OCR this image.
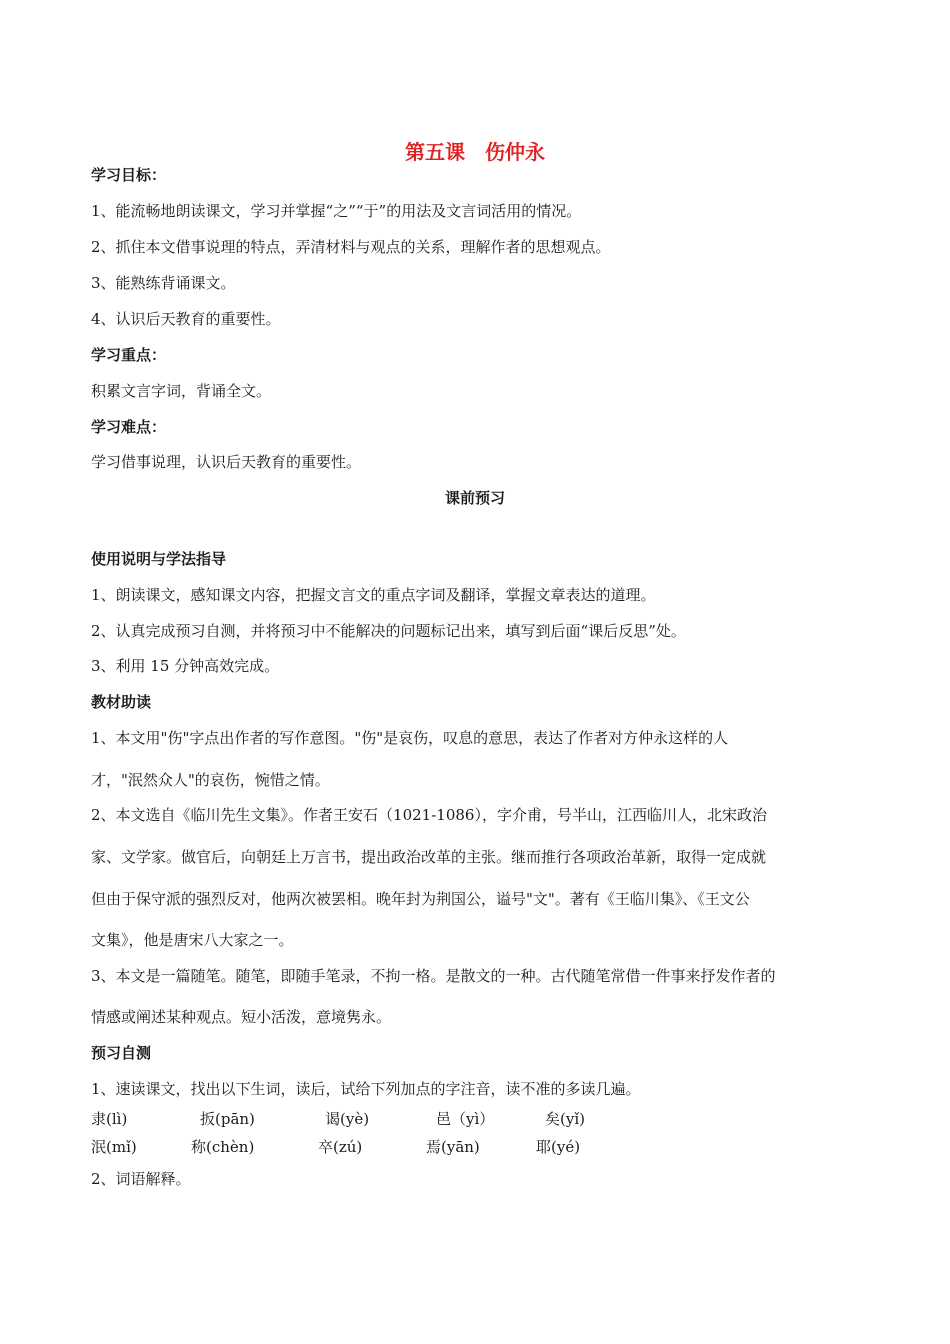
第五课　伤仲永
学习目标：
1、能流畅地朗读课文，学习并掌握“之”“于”的用法及文言词活用的情况。
2、抓住本文借事说理的特点，弄清材料与观点的关系，理解作者的思想观点。
3、能熟练背诵课文。
4、认识后天教育的重要性。
学习重点：
积累文言字词，背诵全文。
学习难点：
学习借事说理，认识后天教育的重要性。
课前预习
使用说明与学法指导
1、朗读课文，感知课文内容，把握文言文的重点字词及翻译，掌握文章表达的道理。
2、认真完成预习自测，并将预习中不能解决的问题标记出来，填写到后面“课后反思”处。
3、利用 15 分钟高效完成。
教材助读
1、本文用"伤"字点出作者的写作意图。"伤"是哀伤，叹息的意思，表达了作者对方仲永这样的人
才，"泯然众人"的哀伤，惋惜之情。
2、本文选自《临川先生文集》。作者王安石（1021-1086），字介甫，号半山，江西临川人，北宋政治
家、文学家。做官后，向朝廷上万言书，提出政治改革的主张。继而推行各项政治革新，取得一定成就
但由于保守派的强烈反对，他两次被罢相。晚年封为荆国公，谥号"文"。著有《王临川集》、《王文公
文集》，他是唐宋八大家之一。
3、本文是一篇随笔。随笔，即随手笔录，不拘一格。是散文的一种。古代随笔常借一件事来抒发作者的
情感或阐述某种观点。短小活泼，意境隽永。
预习自测
1、速读课文，找出以下生词，读后，试给下列加点的字注音，读不准的多读几遍。
隶(lì)	扳(pān)	谒(yè)	邑（yì）	矣(yǐ)
泯(mǐ)	称(chèn)	卒(zú)	焉(yān)	耶(yé)
2、词语解释。
